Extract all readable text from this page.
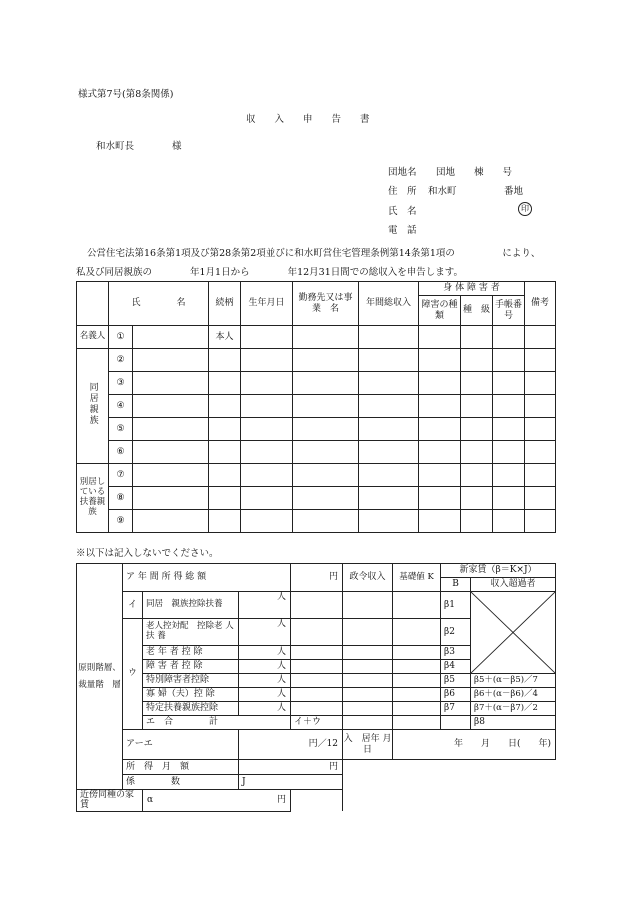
様式第7号(第8条関係)
収　　入　　申　　告　　書
和水町長　　　　様
団地名 団地　　棟　　号
住　所 和水町　　　　　番地
氏　名	印
電　話
公営住宅法第16条第1項及び第28条第2項並びに和水町営住宅管理条例第14条第1項の　　　　　により、
私及び同居親族の　　　　年1月1日から　　　　年12月31日間での総収入を申告します。
	氏　　　　名		続柄	生年月日	勤務先又は事　業　名	年間総収入	身 体 障 害 者			備考
							障害の種　類	種　級	手帳番号	
名義人	①		本人							
同居親族	②									
	③									
	④									
	⑤									
	⑥									
別居している扶養親族	⑦									
	⑧									
	⑨									
※以下は記入しないでください。
原則階層、裁量階　層	ア 年 間 所 得 総 額			円	政令収入	基礎値 K	新家賃（β＝K×J）		
							B	収入超過者	
	イ	同居　親族控除扶養	人				β1	

	ウ	老人控対配　控除老 人 扶 養	人				β2		
		老 年 者 控 除	人				β3		
		障 害 者 控 除	人				β4		
		特別障害者控除	人				β5	β5＋(α－β5)／7	
		寡 婦（夫）控 除	人				β6	β6＋(α－β6)／4	
		特定扶養親族控除	人				β7	β7＋(α－β7)／2	
		エ　合　　　　計		イ＋ウ				β8	
	アーエ		円／12		入　居年 月 日	年　　月　　日(　　年)			
	所　得　月　額		円						
	係　　　　数		J						
近傍同種の家賃		α 円							
